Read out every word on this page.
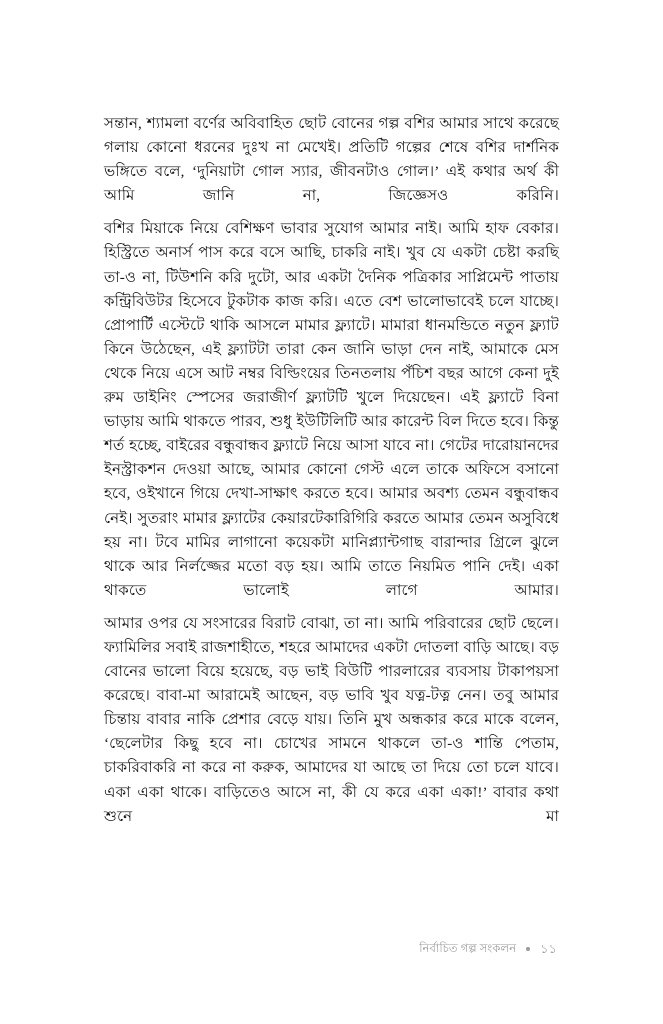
সন্তান, শ্যামলা বর্ণের অবিবাহিত ছোট বোনের গল্প বশির আমার সাথে করেছে গলায় কোনো ধরনের দুঃখ না মেখেই। প্রতিটি গল্পের শেষে বশির দার্শনিক ভঙ্গিতে বলে, ‘দুনিয়াটা গোল স্যার, জীবনটাও গোল।’ এই কথার অর্থ কী আমি জানি না, জিজ্ঞেসও করিনি।

বশির মিয়াকে নিয়ে বেশিক্ষণ ভাবার সুযোগ আমার নাই। আমি হাফ বেকার। হিস্ট্রিতে অনার্স পাস করে বসে আছি, চাকরি নাই। খুব যে একটা চেষ্টা করছি তা-ও না, টিউশনি করি দুটো, আর একটা দৈনিক পত্রিকার সাপ্লিমেন্ট পাতায় কন্ট্রিবিউটর হিসেবে টুকটাক কাজ করি। এতে বেশ ভালোভাবেই চলে যাচ্ছে। প্রোপার্টি এস্টেটে থাকি আসলে মামার ফ্ল্যাটে। মামারা ধানমন্ডিতে নতুন ফ্ল্যাট কিনে উঠেছেন, এই ফ্ল্যাটটা তারা কেন জানি ভাড়া দেন নাই, আমাকে মেস থেকে নিয়ে এসে আট নম্বর বিল্ডিংয়ের তিনতলায় পঁচিশ বছর আগে কেনা দুই রুম ডাইনিং স্পেসের জরাজীর্ণ ফ্ল্যাটটি খুলে দিয়েছেন। এই ফ্ল্যাটে বিনা ভাড়ায় আমি থাকতে পারব, শুধু ইউটিলিটি আর কারেন্ট বিল দিতে হবে। কিন্তু শর্ত হচ্ছে, বাইরের বন্ধুবান্ধব ফ্ল্যাটে নিয়ে আসা যাবে না। গেটের দারোয়ানদের ইনস্ট্রাকশন দেওয়া আছে, আমার কোনো গেস্ট এলে তাকে অফিসে বসানো হবে, ওইখানে গিয়ে দেখা-সাক্ষাৎ করতে হবে। আমার অবশ্য তেমন বন্ধুবান্ধব নেই। সুতরাং মামার ফ্ল্যাটের কেয়ারটেকারিগিরি করতে আমার তেমন অসুবিধে হয় না। টবে মামির লাগানো কয়েকটা মানিপ্ল্যান্টগাছ বারান্দার গ্রিলে ঝুলে থাকে আর নির্লজ্জের মতো বড় হয়। আমি তাতে নিয়মিত পানি দেই। একা থাকতে ভালোই লাগে আমার।

আমার ওপর যে সংসারের বিরাট বোঝা, তা না। আমি পরিবারের ছোট ছেলে। ফ্যামিলির সবাই রাজশাহীতে, শহরে আমাদের একটা দোতলা বাড়ি আছে। বড় বোনের ভালো বিয়ে হয়েছে, বড় ভাই বিউটি পারলারের ব্যবসায় টাকাপয়সা করেছে। বাবা-মা আরামেই আছেন, বড় ভাবি খুব যত্ন-টত্ন নেন। তবু আমার চিন্তায় বাবার নাকি প্রেশার বেড়ে যায়। তিনি মুখ অন্ধকার করে মাকে বলেন, ‘ছেলেটার কিছু হবে না। চোখের সামনে থাকলে তা-ও শান্তি পেতাম, চাকরিবাকরি না করে না করুক, আমাদের যা আছে তা দিয়ে তো চলে যাবে। একা একা থাকে। বাড়িতেও আসে না, কী যে করে একা একা!’ বাবার কথা শুনে মা

নির্বাচিত গল্প সংকলন ১১
